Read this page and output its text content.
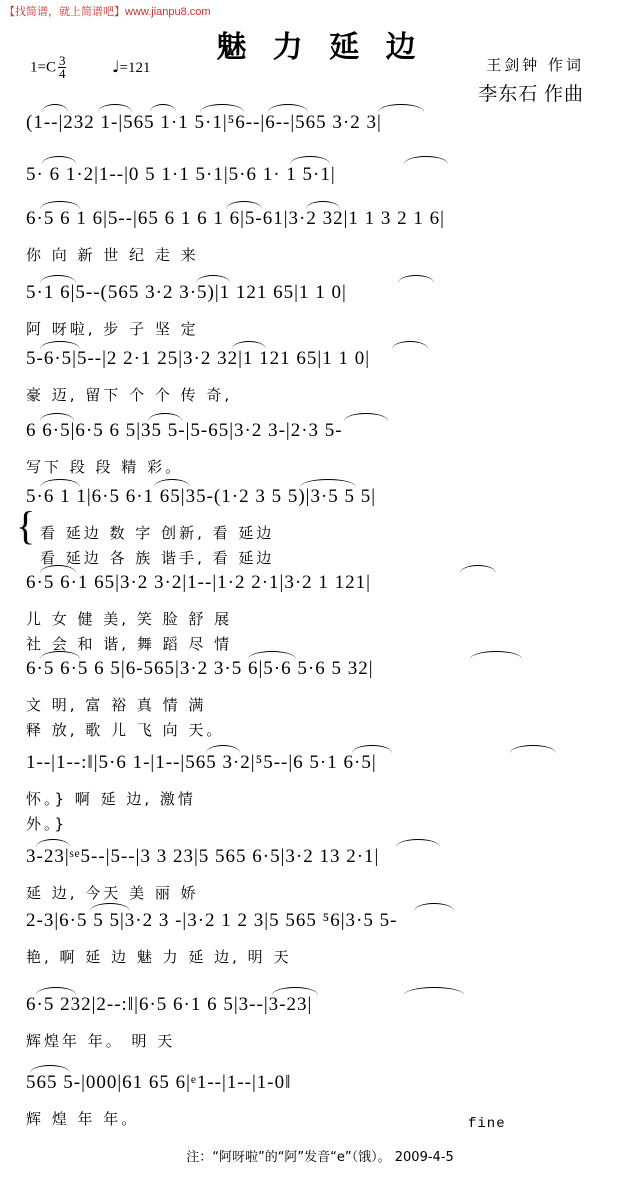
【找简谱，就上简谱吧】www.jianpu8.com
魅 力 延 边	王剑钟 作词
李东石 作曲
$1=C \frac{3}{4}$	♩=121
(1--|232 1-|565 1·1 5·1|⁵6--|6--|565 3·2 3|
5· 6 1·2|1--|0 5 1·1 5·1|5·6 1· 1 5·1|
6·5 6 1 6|5--|65 6 1 6 1 6|5-61|3·2 32|1 1 3 2 1 6|
你 向 新 世 纪 走 来
5·1 6|5--(565 3·2 3·5)|1 121 65|1 1 0|
阿 呀啦, 步 子 坚 定
5-6·5|5--|2 2·1 25|3·2 32|1 121 65|1 1 0|
豪 迈, 留下 个 个 传 奇,
6 6·5|6·5 6 5|35 5-|5-65|3·2 3-|2·3 5-
写下 段 段 精 彩。
5·6 1 1|6·5 6·1 65|35-(1·2 3 5 5)|3·5 5 5|
看 延边 数 字 创新, 看 延边
看 延边 各 族 谐手, 看 延边
{
6·5 6·1 65|3·2 3·2|1--|1·2 2·1|3·2 1 121|
儿 女 健 美, 笑 脸 舒 展
社 会 和 谐, 舞 蹈 尽 情
6·5 6·5 6 5|6-565|3·2 3·5 6|5·6 5·6 5 32|
文 明, 富 裕 真 情 满
释 放, 歌 儿 飞 向 天。
1--|1--:‖|5·6 1-|1--|565 3·2|⁵5--|6 5·1 6·5|
怀。} 啊 延 边, 激情
外。}
3-23|ˢᵉ5--|5--|3 3 23|5 565 6·5|3·2 13 2·1|
延 边, 今天 美 丽 娇
2-3|6·5 5 5|3·2 3 -|3·2 1 2 3|5 565 ⁵6|3·5 5-
艳, 啊 延 边 魅 力 延 边, 明 天
6·5 232|2--:‖|6·5 6·1 6 5|3--|3-23|
辉煌年 年。 明 天
565 5-|000|61 65 6|ᵉ1--|1--|1-0‖
辉 煌 年 年。	fine
注：“阿呀啦”的“阿”发音“e”（饿）。 2009-4-5
